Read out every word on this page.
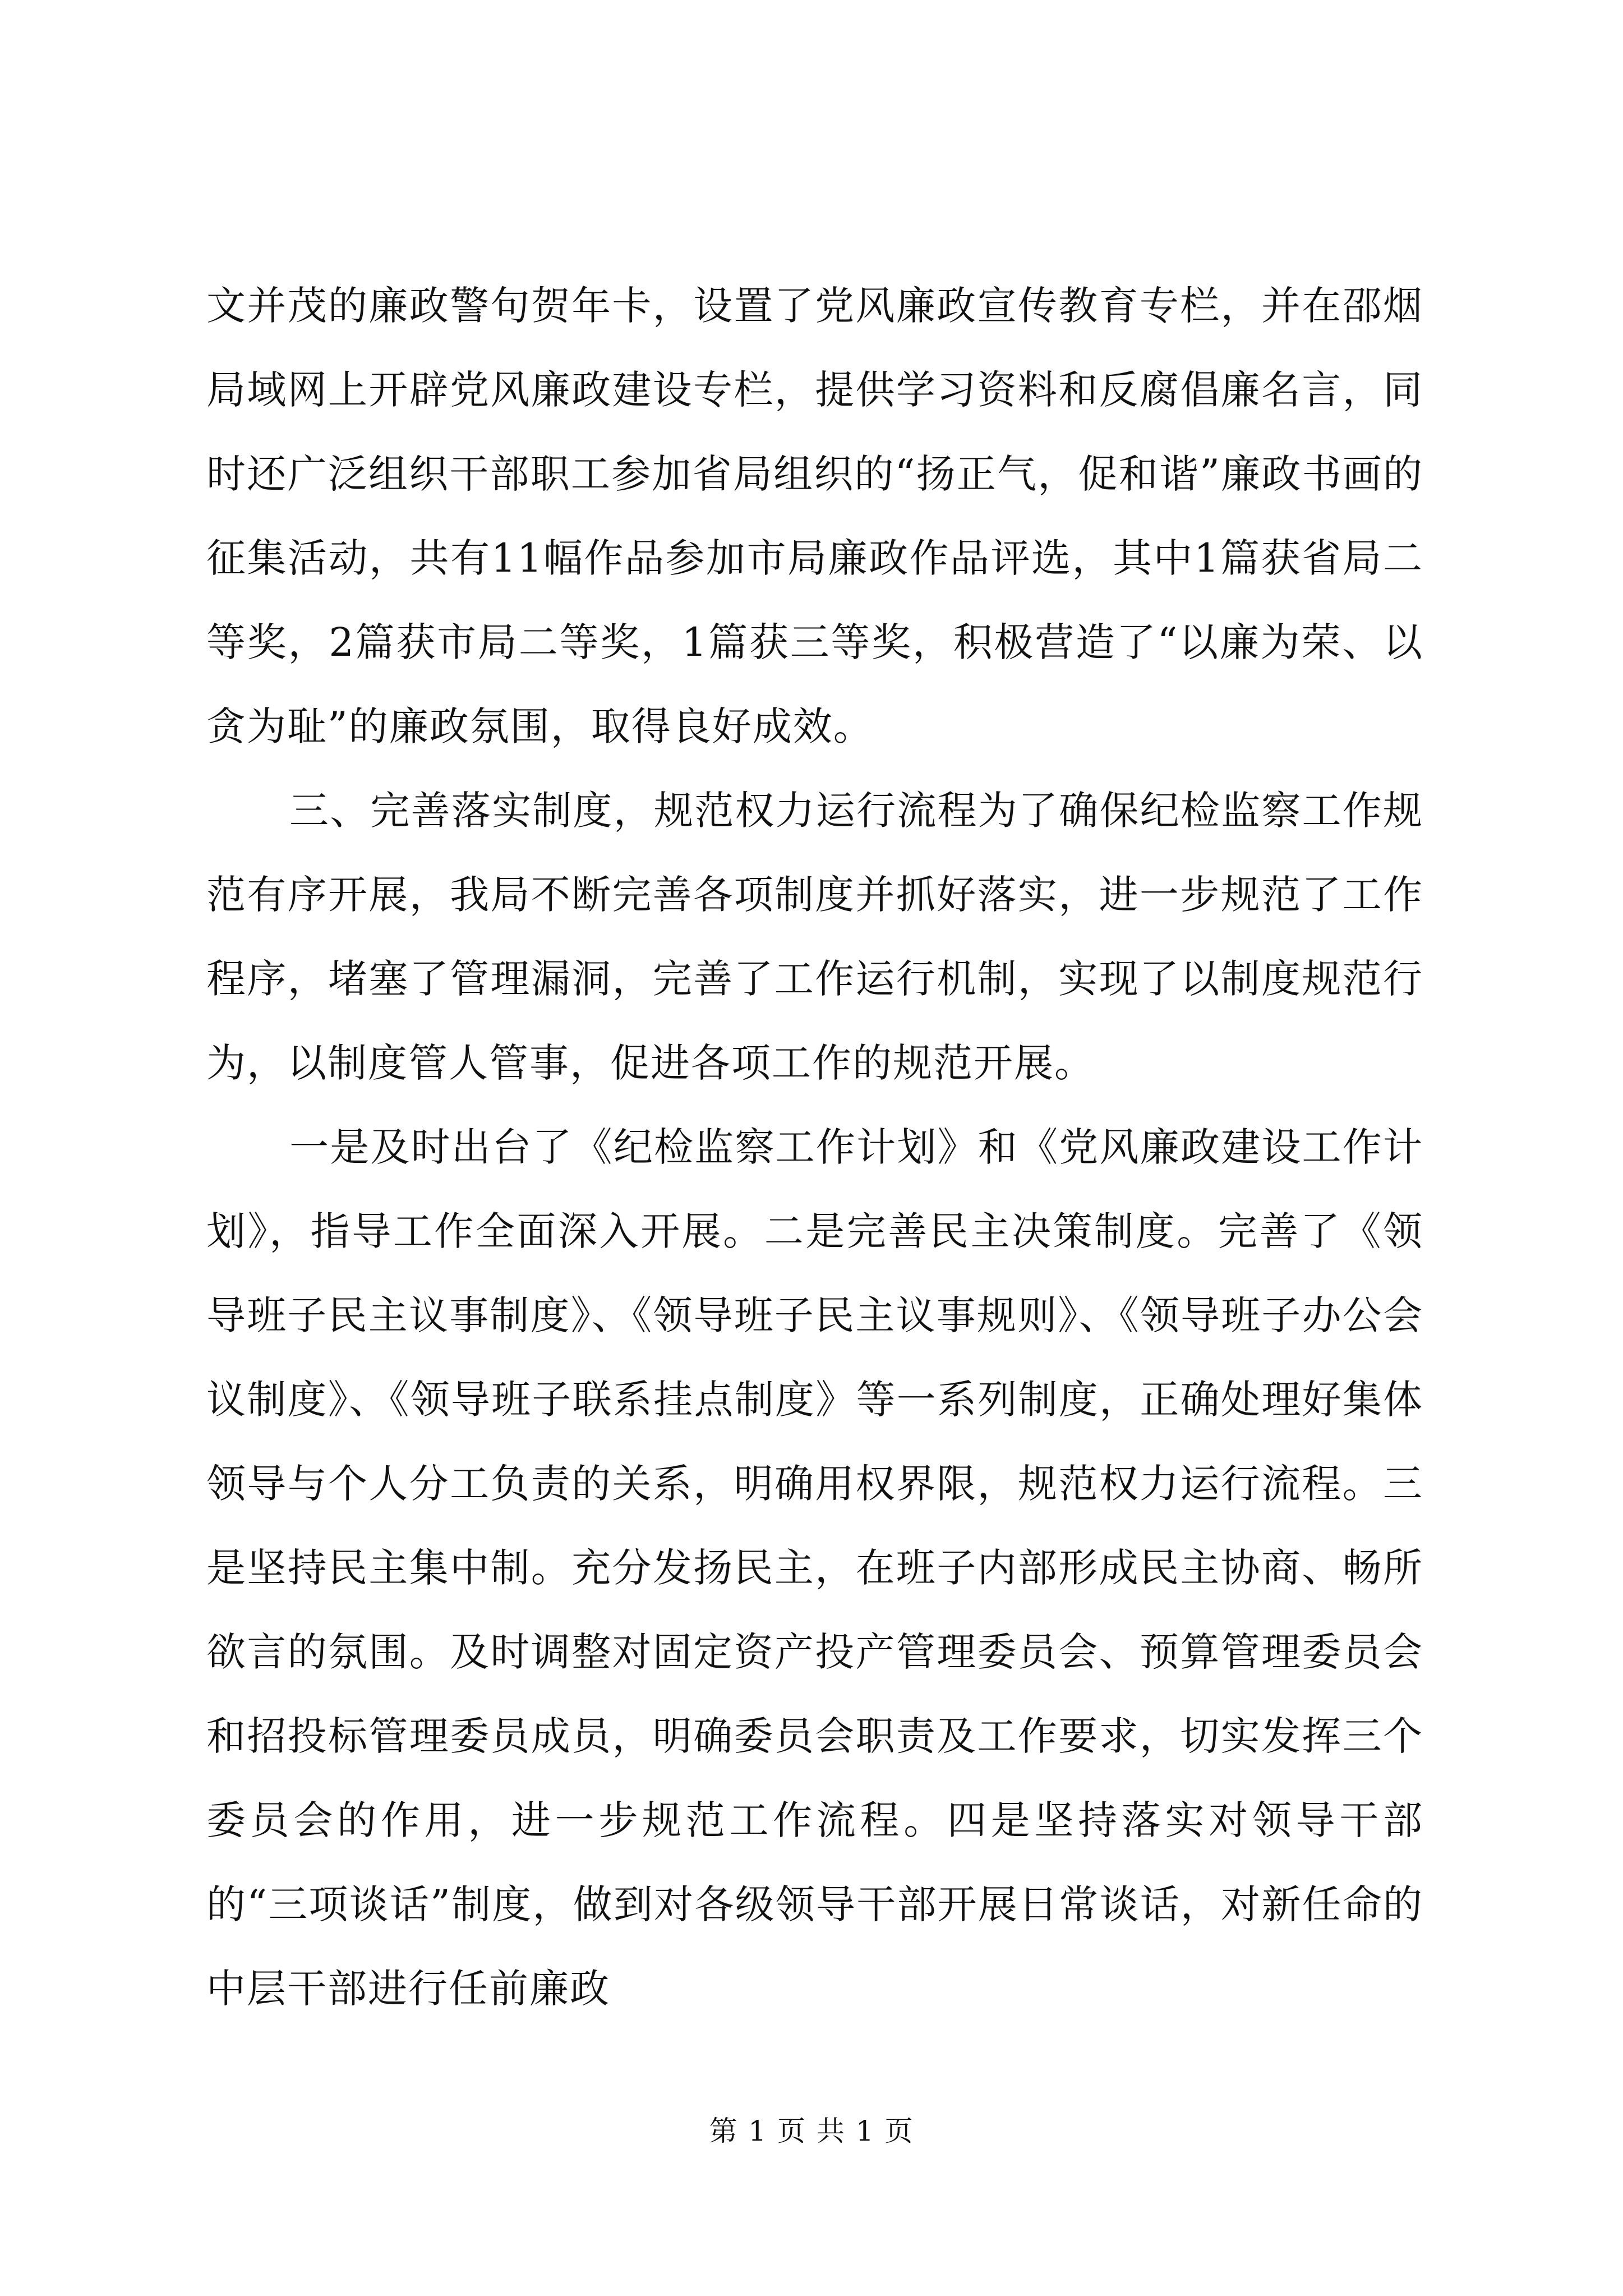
文并茂的廉政警句贺年卡，设置了党风廉政宣传教育专栏，并在邵烟局域网上开辟党风廉政建设专栏，提供学习资料和反腐倡廉名言，同时还广泛组织干部职工参加省局组织的“扬正气，促和谐”廉政书画的征集活动，共有11幅作品参加市局廉政作品评选，其中1篇获省局二等奖，2篇获市局二等奖，1篇获三等奖，积极营造了“以廉为荣、以贪为耻”的廉政氛围，取得良好成效。

三、完善落实制度，规范权力运行流程为了确保纪检监察工作规范有序开展，我局不断完善各项制度并抓好落实，进一步规范了工作程序，堵塞了管理漏洞，完善了工作运行机制，实现了以制度规范行为，以制度管人管事，促进各项工作的规范开展。

一是及时出台了《纪检监察工作计划》和《党风廉政建设工作计划》，指导工作全面深入开展。二是完善民主决策制度。完善了《领导班子民主议事制度》、《领导班子民主议事规则》、《领导班子办公会议制度》、《领导班子联系挂点制度》等一系列制度，正确处理好集体领导与个人分工负责的关系，明确用权界限，规范权力运行流程。三是坚持民主集中制。充分发扬民主，在班子内部形成民主协商、畅所欲言的氛围。及时调整对固定资产投产管理委员会、预算管理委员会和招投标管理委员成员，明确委员会职责及工作要求，切实发挥三个委员会的作用，进一步规范工作流程。四是坚持落实对领导干部的“三项谈话”制度，做到对各级领导干部开展日常谈话，对新任命的中层干部进行任前廉政

第 1 页 共 1 页
